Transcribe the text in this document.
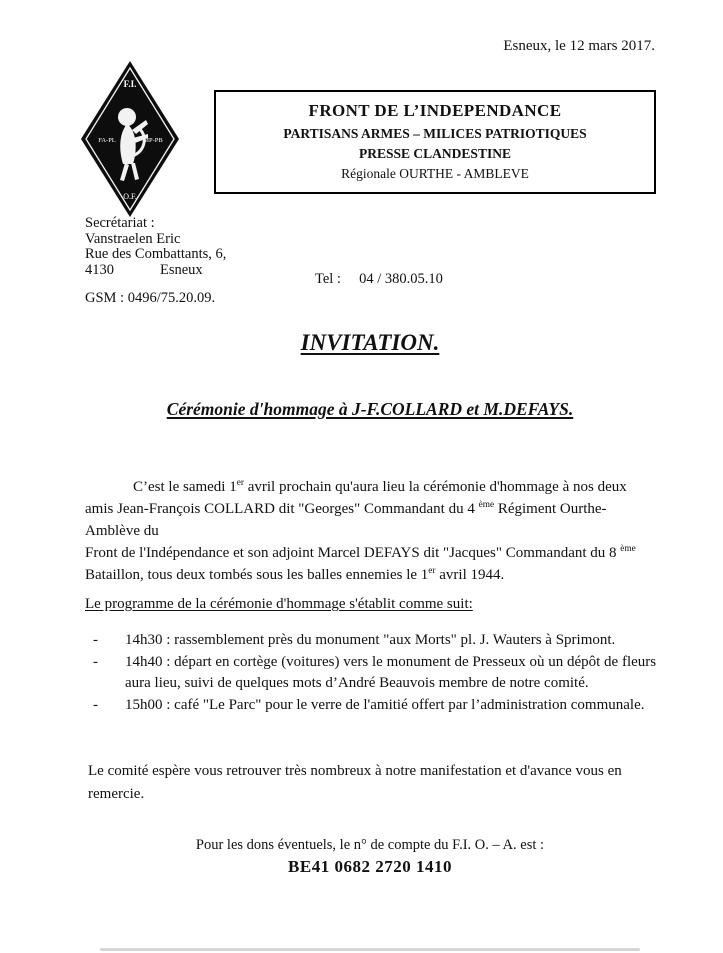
Esneux, le 12 mars 2017.
F.I.
FA-PL	MP-PB
O.F.
FRONT DE L’INDEPENDANCE
PARTISANS ARMES – MILICES PATRIOTIQUES
PRESSE CLANDESTINE
Régionale OURTHE - AMBLEVE
Secrétariat :
Vanstraelen Eric
Rue des Combattants, 6,
4130	Esneux
GSM : 0496/75.20.09.
Tel :     04 / 380.05.10
INVITATION.
Cérémonie d'hommage à J-F.COLLARD et M.DEFAYS.

C’est le samedi 1er avril prochain qu'aura lieu la cérémonie d'hommage à nos deux amis Jean-François COLLARD dit "Georges" Commandant du 4 $^{ème}$ Régiment Ourthe-Amblève du
Front de l'Indépendance et son adjoint Marcel DEFAYS dit "Jacques" Commandant du 8 $^{ème}$
Bataillon, tous deux tombés sous les balles ennemies le 1er avril 1944.

Le programme de la cérémonie d'hommage s'établit comme suit:
-	14h30 : rassemblement près du monument "aux Morts" pl. J. Wauters à Sprimont.
-	14h40 : départ en cortège (voitures) vers le monument de Presseux où un dépôt de fleurs aura lieu, suivi de quelques mots d’André Beauvois membre de notre comité.
-	15h00 : café "Le Parc" pour le verre de l'amitié offert par l’administration communale.
Le comité espère vous retrouver très nombreux à notre manifestation et d'avance vous en remercie.
Pour les dons éventuels, le n° de compte du F.I. O. – A. est :
BE41 0682 2720 1410
